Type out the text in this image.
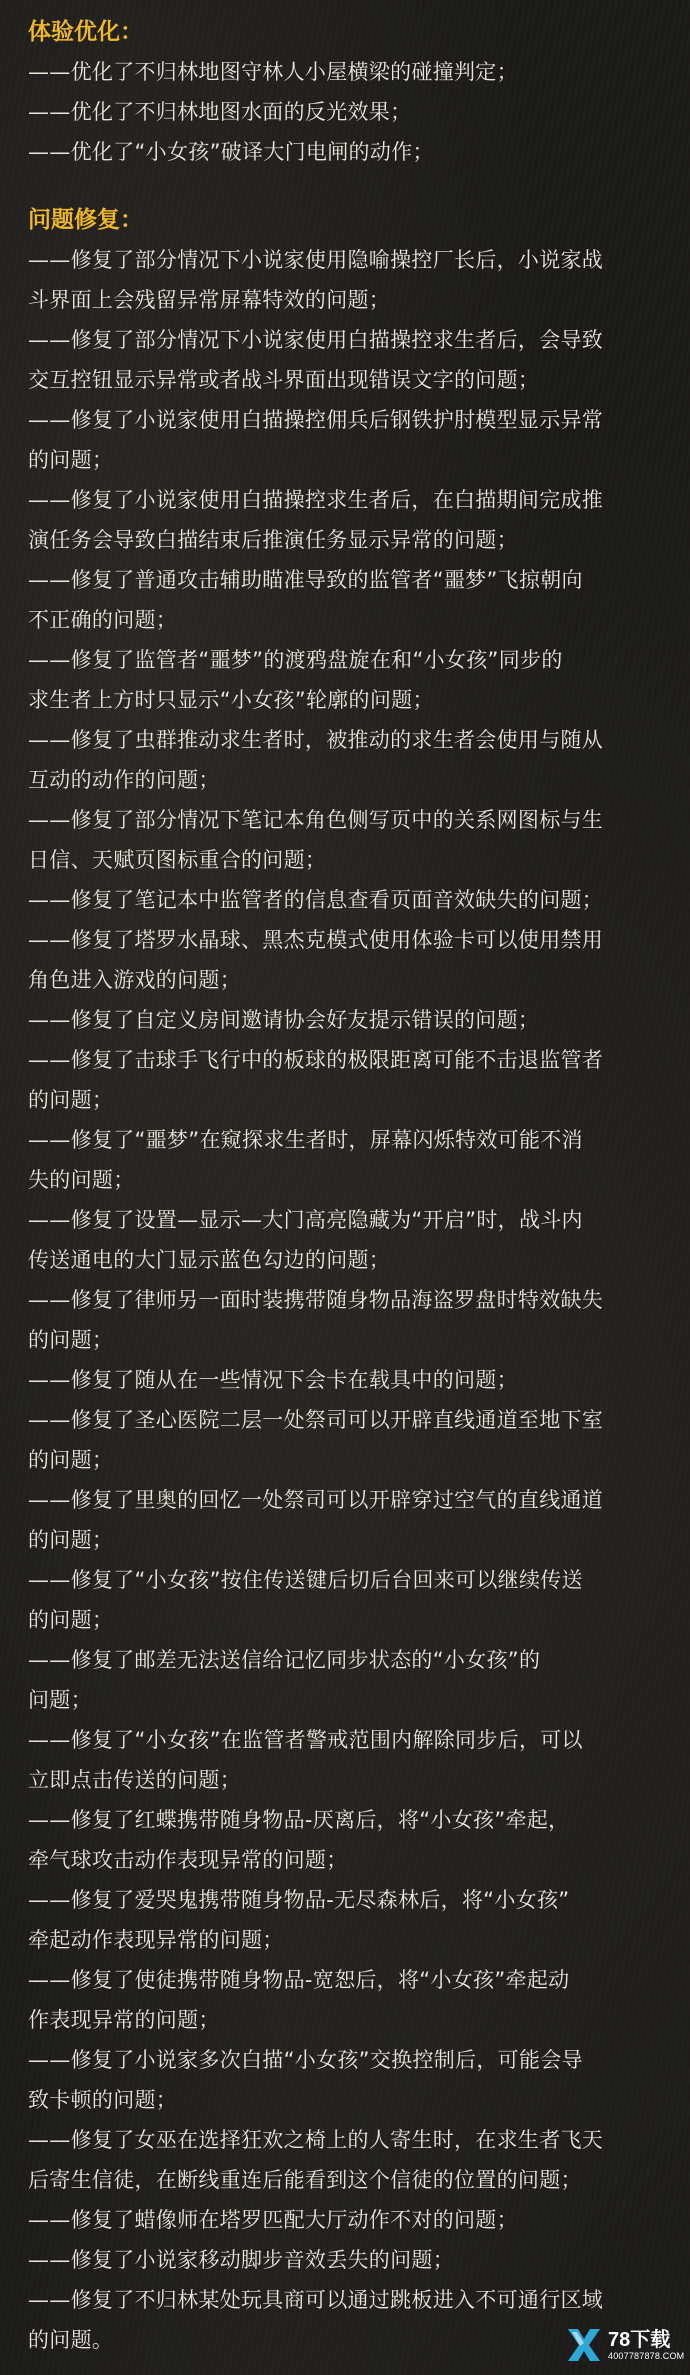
体验优化：
——优化了不归林地图守林人小屋横梁的碰撞判定；
——优化了不归林地图水面的反光效果；
——优化了“小女孩”破译大门电闸的动作；
问题修复：
——修复了部分情况下小说家使用隐喻操控厂长后，小说家战
斗界面上会残留异常屏幕特效的问题；
——修复了部分情况下小说家使用白描操控求生者后，会导致
交互控钮显示异常或者战斗界面出现错误文字的问题；
——修复了小说家使用白描操控佣兵后钢铁护肘模型显示异常
的问题；
——修复了小说家使用白描操控求生者后，在白描期间完成推
演任务会导致白描结束后推演任务显示异常的问题；
——修复了普通攻击辅助瞄准导致的监管者“噩梦”飞掠朝向
不正确的问题；
——修复了监管者“噩梦”的渡鸦盘旋在和“小女孩”同步的
求生者上方时只显示“小女孩”轮廓的问题；
——修复了虫群推动求生者时，被推动的求生者会使用与随从
互动的动作的问题；
——修复了部分情况下笔记本角色侧写页中的关系网图标与生
日信、天赋页图标重合的问题；
——修复了笔记本中监管者的信息查看页面音效缺失的问题；
——修复了塔罗水晶球、黑杰克模式使用体验卡可以使用禁用
角色进入游戏的问题；
——修复了自定义房间邀请协会好友提示错误的问题；
——修复了击球手飞行中的板球的极限距离可能不击退监管者
的问题；
——修复了“噩梦”在窥探求生者时，屏幕闪烁特效可能不消
失的问题；
——修复了设置—显示—大门高亮隐藏为“开启”时，战斗内
传送通电的大门显示蓝色勾边的问题；
——修复了律师另一面时装携带随身物品海盗罗盘时特效缺失
的问题；
——修复了随从在一些情况下会卡在载具中的问题；
——修复了圣心医院二层一处祭司可以开辟直线通道至地下室
的问题；
——修复了里奥的回忆一处祭司可以开辟穿过空气的直线通道
的问题；
——修复了“小女孩”按住传送键后切后台回来可以继续传送
的问题；
——修复了邮差无法送信给记忆同步状态的“小女孩”的
问题；
——修复了“小女孩”在监管者警戒范围内解除同步后，可以
立即点击传送的问题；
——修复了红蝶携带随身物品-厌离后，将“小女孩”牵起，
牵气球攻击动作表现异常的问题；
——修复了爱哭鬼携带随身物品-无尽森林后，将“小女孩”
牵起动作表现异常的问题；
——修复了使徒携带随身物品-宽恕后，将“小女孩”牵起动
作表现异常的问题；
——修复了小说家多次白描“小女孩”交换控制后，可能会导
致卡顿的问题；
——修复了女巫在选择狂欢之椅上的人寄生时，在求生者飞天
后寄生信徒，在断线重连后能看到这个信徒的位置的问题；
——修复了蜡像师在塔罗匹配大厅动作不对的问题；
——修复了小说家移动脚步音效丢失的问题；
——修复了不归林某处玩具商可以通过跳板进入不可通行区域
的问题。	78下载
4007787878.COM
